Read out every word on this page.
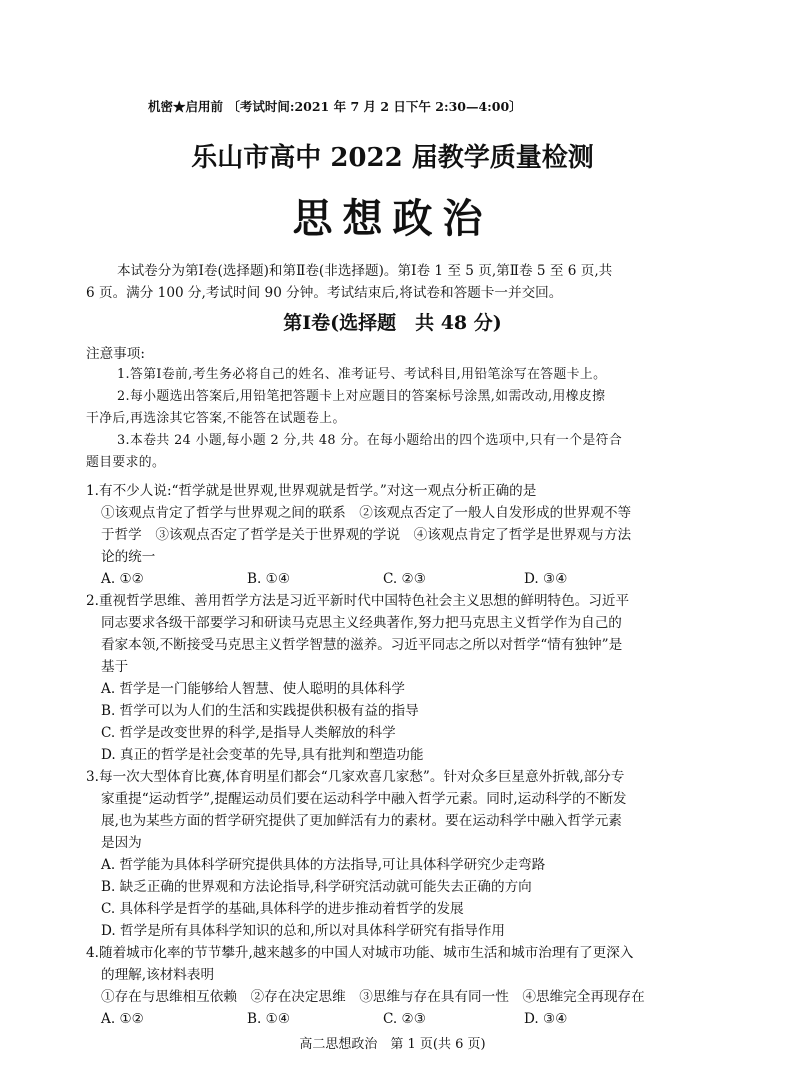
机密★启用前 〔考试时间:2021 年 7 月 2 日下午 2:30—4:00〕
乐山市高中 2022 届教学质量检测
思想政治
本试卷分为第Ⅰ卷(选择题)和第Ⅱ卷(非选择题)。第Ⅰ卷 1 至 5 页,第Ⅱ卷 5 至 6 页,共
6 页。满分 100 分,考试时间 90 分钟。考试结束后,将试卷和答题卡一并交回。
第Ⅰ卷(选择题　共 48 分)
注意事项:
1.答第Ⅰ卷前,考生务必将自己的姓名、准考证号、考试科目,用铅笔涂写在答题卡上。
2.每小题选出答案后,用铅笔把答题卡上对应题目的答案标号涂黑,如需改动,用橡皮擦
干净后,再选涂其它答案,不能答在试题卷上。
3.本卷共 24 小题,每小题 2 分,共 48 分。在每小题给出的四个选项中,只有一个是符合
题目要求的。
1.有不少人说:“哲学就是世界观,世界观就是哲学。”对这一观点分析正确的是
①该观点肯定了哲学与世界观之间的联系　②该观点否定了一般人自发形成的世界观不等
于哲学　③该观点否定了哲学是关于世界观的学说　④该观点肯定了哲学是世界观与方法
论的统一
A. ①②	B. ①④	C. ②③	D. ③④
2.重视哲学思维、善用哲学方法是习近平新时代中国特色社会主义思想的鲜明特色。习近平
同志要求各级干部要学习和研读马克思主义经典著作,努力把马克思主义哲学作为自己的
看家本领,不断接受马克思主义哲学智慧的滋养。习近平同志之所以对哲学“情有独钟”是
基于
A. 哲学是一门能够给人智慧、使人聪明的具体科学
B. 哲学可以为人们的生活和实践提供积极有益的指导
C. 哲学是改变世界的科学,是指导人类解放的科学
D. 真正的哲学是社会变革的先导,具有批判和塑造功能
3.每一次大型体育比赛,体育明星们都会“几家欢喜几家愁”。针对众多巨星意外折戟,部分专
家重提“运动哲学”,提醒运动员们要在运动科学中融入哲学元素。同时,运动科学的不断发
展,也为某些方面的哲学研究提供了更加鲜活有力的素材。要在运动科学中融入哲学元素
是因为
A. 哲学能为具体科学研究提供具体的方法指导,可让具体科学研究少走弯路
B. 缺乏正确的世界观和方法论指导,科学研究活动就可能失去正确的方向
C. 具体科学是哲学的基础,具体科学的进步推动着哲学的发展
D. 哲学是所有具体科学知识的总和,所以对具体科学研究有指导作用
4.随着城市化率的节节攀升,越来越多的中国人对城市功能、城市生活和城市治理有了更深入
的理解,该材料表明
①存在与思维相互依赖　②存在决定思维　③思维与存在具有同一性　④思维完全再现存在
A. ①②	B. ①④	C. ②③	D. ③④
高二思想政治　第 1 页(共 6 页)
